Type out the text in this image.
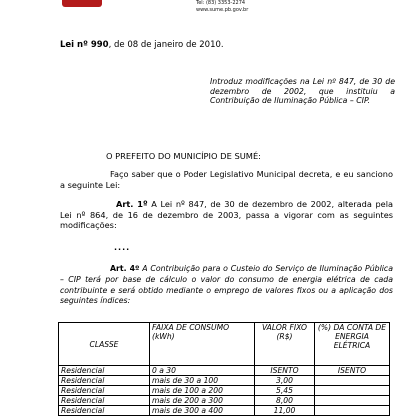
Tel: (83) 3353-2274
www.sume.pb.gov.br
Lei nº 990, de 08 de janeiro de 2010.
Introduz modificações na Lei nº 847, de 30 de dezembro de 2002, que instituiu a Contribuição de Iluminação Pública – CIP.
O PREFEITO DO MUNICÍPIO DE SUMÉ:
Faço saber que o Poder Legislativo Municipal decreta, e eu sanciono a seguinte Lei:
Art. 1º A Lei nº 847, de 30 de dezembro de 2002, alterada pela Lei nº 864, de 16 de dezembro de 2003, passa a vigorar com as seguintes modificações:
....
Art. 4º A Contribuição para o Custeio do Serviço de Iluminação Pública – CIP terá por base de cálculo o valor do consumo de energia elétrica de cada contribuinte e será obtido mediante o emprego de valores fixos ou a aplicação dos seguintes índices:
CLASSE	FAIXA DE CONSUMO (kWh)	VALOR FIXO (R$)	(%) DA CONTA DE ENERGIA ELÉTRICA
Residencial	0 a 30	ISENTO	ISENTO
Residencial	mais de 30 a 100	3,00	
Residencial	mais de 100 a 200	5,45	
Residencial	mais de 200 a 300	8,00	
Residencial	mais de 300 a 400	11,00	
